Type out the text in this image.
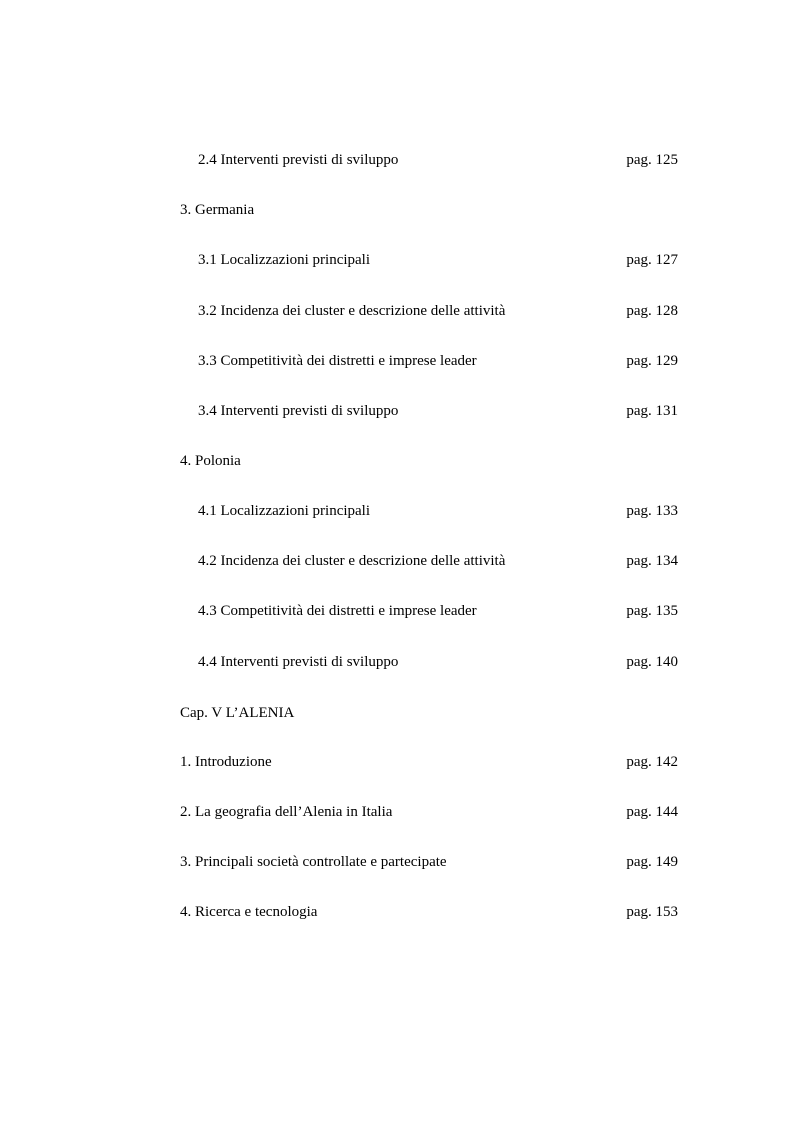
2.4 Interventi previsti di sviluppo	pag. 125
3. Germania
3.1 Localizzazioni principali	pag. 127
3.2 Incidenza dei cluster e descrizione delle attività	pag. 128
3.3 Competitività dei distretti e imprese leader	pag. 129
3.4 Interventi previsti di sviluppo	pag. 131
4. Polonia
4.1 Localizzazioni principali	pag. 133
4.2 Incidenza dei cluster e descrizione delle attività	pag. 134
4.3 Competitività dei distretti e imprese leader	pag. 135
4.4 Interventi previsti di sviluppo	pag. 140
Cap. V L’ALENIA
1. Introduzione	pag. 142
2. La geografia dell’Alenia in Italia	pag. 144
3. Principali società controllate e partecipate	pag. 149
4. Ricerca e tecnologia	pag. 153
